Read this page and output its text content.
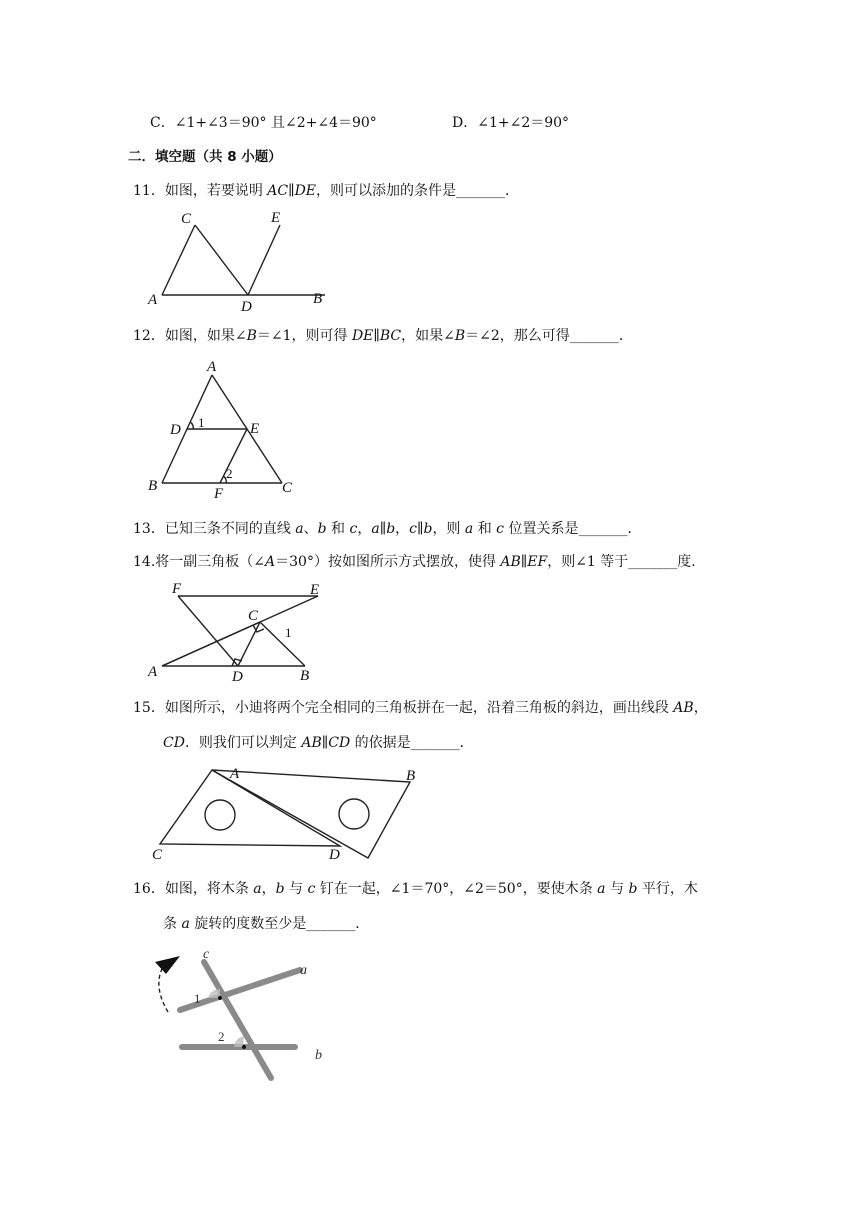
C．∠1+∠3＝90° 且∠2+∠4＝90°	D．∠1+∠2＝90°
二．填空题（共 8 小题）
11．如图，若要说明 AC∥DE，则可以添加的条件是_______．
C	E
A	D	B
12．如图，如果∠B＝∠1，则可得 DE∥BC，如果∠B＝∠2，那么可得_______．
A
D 1	E
B	F
2
C
13．已知三条不同的直线 a、b 和 c，a∥b，c∥b，则 a 和 c 位置关系是_______．
14.将一副三角板（∠A＝30°）按如图所示方式摆放，使得 AB∥EF，则∠1 等于_______度．
F	E
C
1
A	D	B
15．如图所示，小迪将两个完全相同的三角板拼在一起，沿着三角板的斜边，画出线段 AB，
CD．则我们可以判定 AB∥CD 的依据是_______．
A	B
C	D
16．如图，将木条 a，b 与 c 钉在一起，∠1＝70°，∠2＝50°，要使木条 a 与 b 平行，木
条 a 旋转的度数至少是_______．
c
a
1
2
b
